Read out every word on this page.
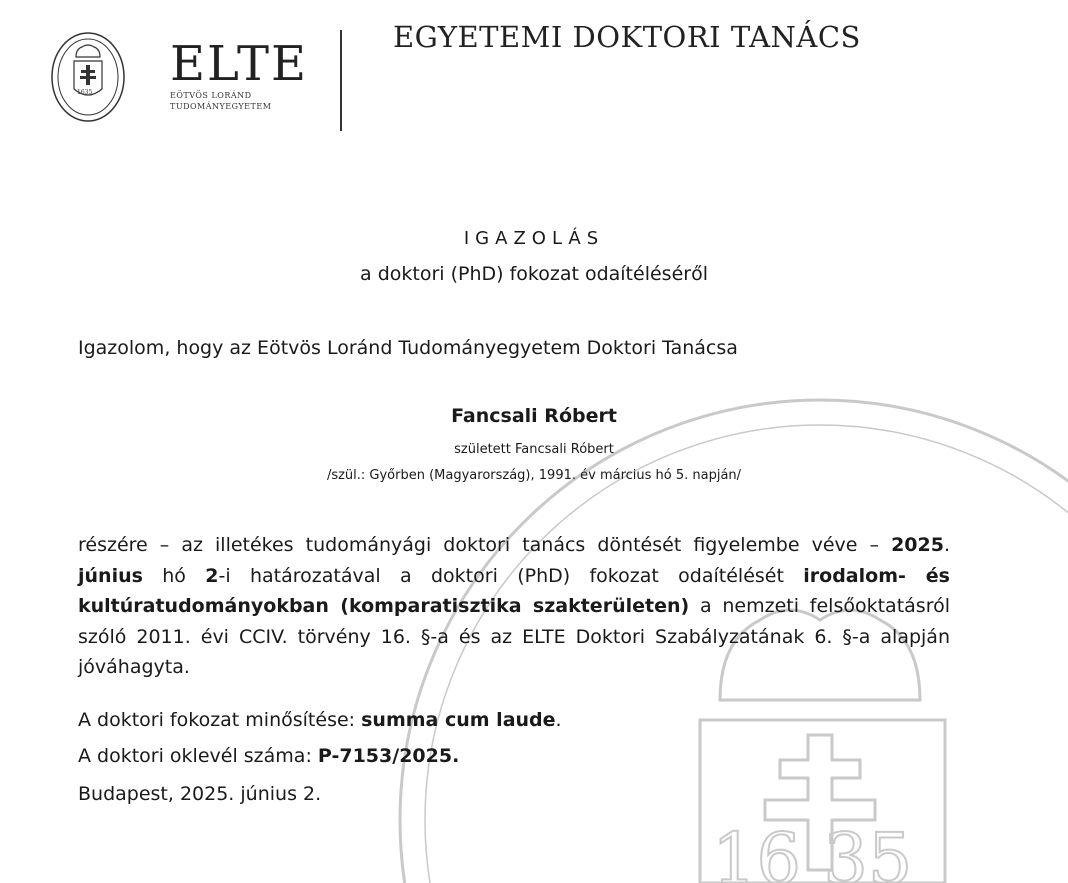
16 35
1635
ELTE
EÖTVÖS LORÁND
TUDOMÁNYEGYETEM
EGYETEMI DOKTORI TANÁCS
IGAZOLÁS
a doktori (PhD) fokozat odaítéléséről
Igazolom, hogy az Eötvös Loránd Tudományegyetem Doktori Tanácsa
Fancsali Róbert
született Fancsali Róbert
/szül.: Győrben (Magyarország), 1991. év március hó 5. napján/
részére – az illetékes tudományági doktori tanács döntését figyelembe véve – 2025. június hó 2-i határozatával a doktori (PhD) fokozat odaítélését irodalom- és kultúratudományokban (komparatisztika szakterületen) a nemzeti felsőoktatásról szóló 2011. évi CCIV. törvény 16. §-a és az ELTE Doktori Szabályzatának 6. §-a alapján jóváhagyta.
A doktori fokozat minősítése: summa cum laude.
A doktori oklevél száma: P-7153/2025.
Budapest, 2025. június 2.
